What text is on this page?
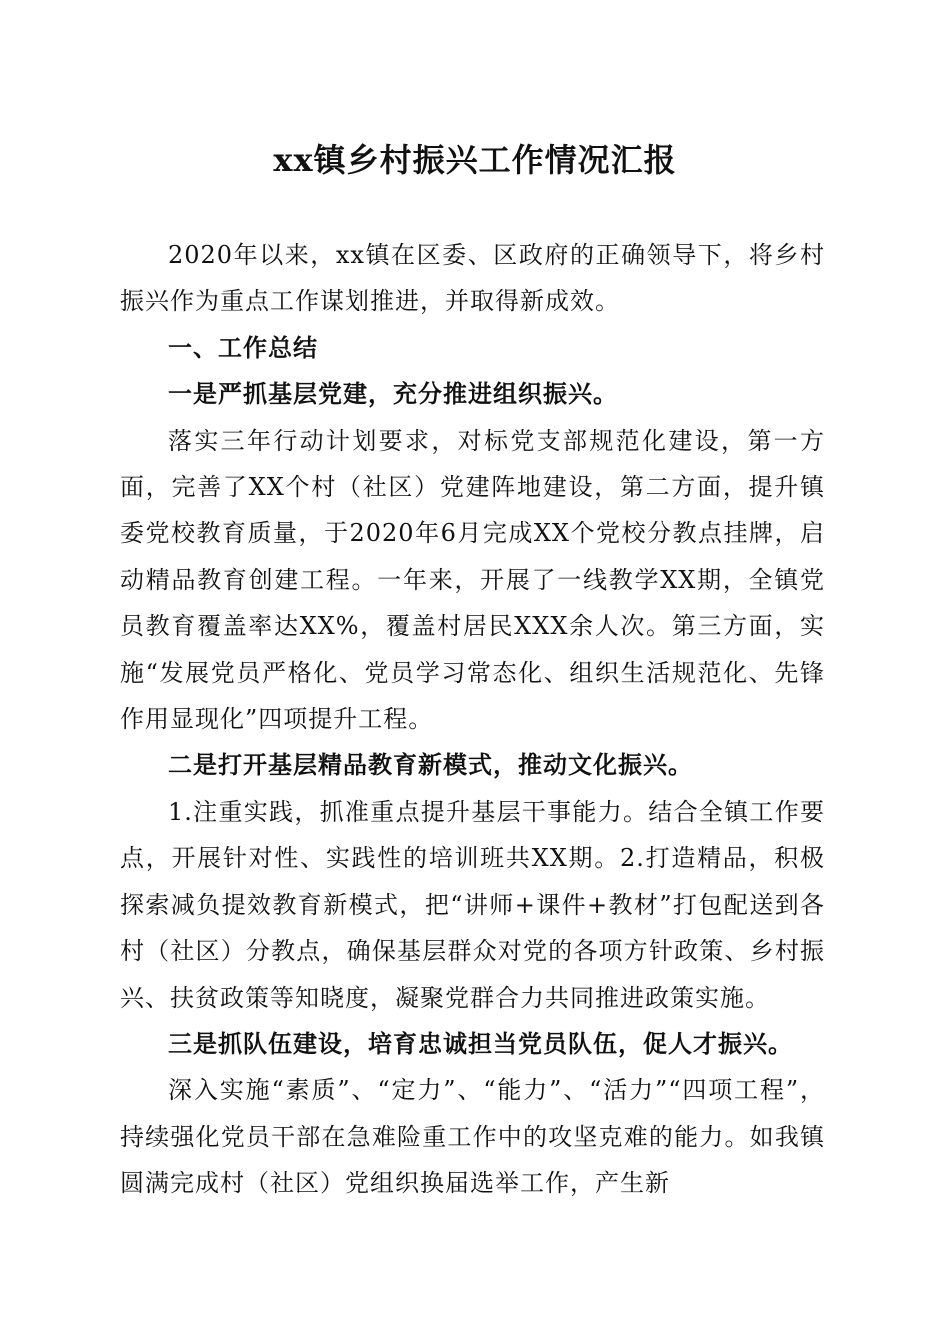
xx镇乡村振兴工作情况汇报

2020年以来，xx镇在区委、区政府的正确领导下，将乡村振兴作为重点工作谋划推进，并取得新成效。

一、工作总结

一是严抓基层党建，充分推进组织振兴。

落实三年行动计划要求，对标党支部规范化建设，第一方面，完善了XX个村（社区）党建阵地建设，第二方面，提升镇委党校教育质量，于2020年6月完成XX个党校分教点挂牌，启动精品教育创建工程。一年来，开展了一线教学XX期，全镇党员教育覆盖率达XX%，覆盖村居民XXX余人次。第三方面，实施“发展党员严格化、党员学习常态化、组织生活规范化、先锋作用显现化”四项提升工程。

二是打开基层精品教育新模式，推动文化振兴。

1.注重实践，抓准重点提升基层干事能力。结合全镇工作要点，开展针对性、实践性的培训班共XX期。2.打造精品，积极探索减负提效教育新模式，把“讲师+课件+教材”打包配送到各村（社区）分教点，确保基层群众对党的各项方针政策、乡村振兴、扶贫政策等知晓度，凝聚党群合力共同推进政策实施。

三是抓队伍建设，培育忠诚担当党员队伍，促人才振兴。

深入实施“素质”、“定力”、“能力”、“活力”“四项工程”，持续强化党员干部在急难险重工作中的攻坚克难的能力。如我镇圆满完成村（社区）党组织换届选举工作，产生新
